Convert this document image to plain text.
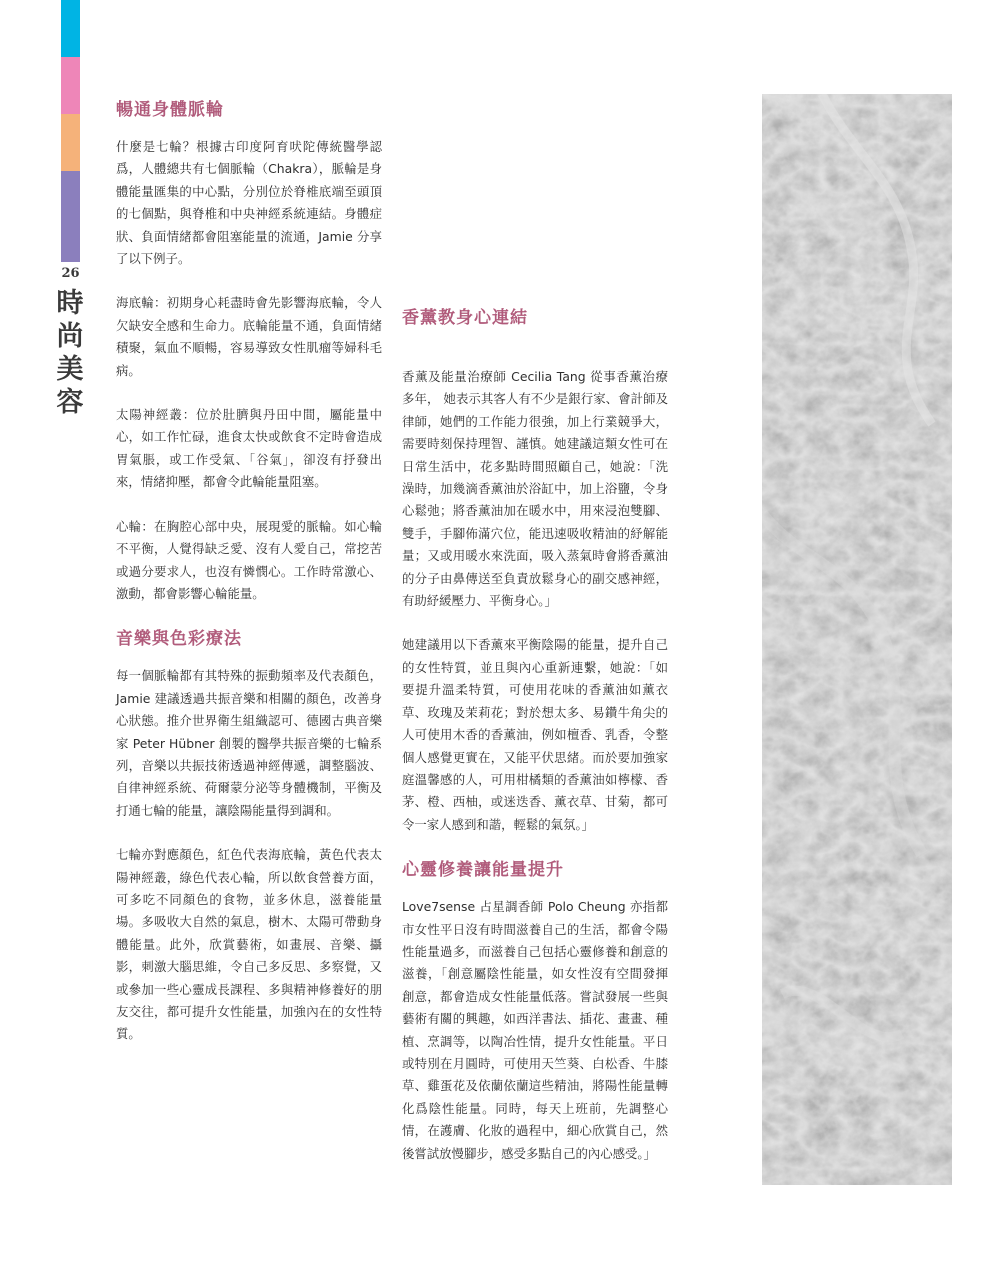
26
時
尚
美
容
暢通身體脈輪

什麼是七輪？根據古印度阿育吠陀傳統醫學認爲，人體總共有七個脈輪（Chakra），脈輪是身體能量匯集的中心點，分別位於脊椎底端至頭頂的七個點，與脊椎和中央神經系統連結。身體症狀、負面情緒都會阻塞能量的流通，Jamie 分享了以下例子。

海底輪：初期身心耗盡時會先影響海底輪，令人欠缺安全感和生命力。底輪能量不通，負面情緒積聚，氣血不順暢，容易導致女性肌瘤等婦科毛病。

太陽神經叢：位於肚臍與丹田中間，屬能量中心，如工作忙碌，進食太快或飲食不定時會造成胃氣脹，或工作受氣、「谷氣」，卻沒有抒發出來，情緒抑壓，都會令此輪能量阻塞。

心輪：在胸腔心部中央，展現愛的脈輪。如心輪不平衡，人覺得缺乏愛、沒有人愛自己，常挖苦或過分要求人，也沒有憐憫心。工作時常激心、激動，都會影響心輪能量。

音樂與色彩療法

每一個脈輪都有其特殊的振動頻率及代表顏色，Jamie 建議透過共振音樂和相關的顏色，改善身心狀態。推介世界衛生組織認可、德國古典音樂家 Peter Hübner 創製的醫學共振音樂的七輪系列，音樂以共振技術透過神經傳遞，調整腦波、自律神經系統、荷爾蒙分泌等身體機制，平衡及打通七輪的能量，讓陰陽能量得到調和。

七輪亦對應顏色，紅色代表海底輪，黃色代表太陽神經叢，綠色代表心輪，所以飲食營養方面，可多吃不同顏色的食物，並多休息，滋養能量場。多吸收大自然的氣息，樹木、太陽可帶動身體能量。此外，欣賞藝術，如畫展、音樂、攝影，刺激大腦思維，令自己多反思、多察覺，又或參加一些心靈成長課程、多與精神修養好的朋友交往，都可提升女性能量，加強內在的女性特質。

香薰教身心連結

香薰及能量治療師 Cecilia Tang 從事香薰治療多年， 她表示其客人有不少是銀行家、會計師及律師，她們的工作能力很強，加上行業競爭大，需要時刻保持理智、謹慎。她建議這類女性可在日常生活中，花多點時間照顧自己，她說：「洗澡時，加幾滴香薰油於浴缸中，加上浴鹽，令身心鬆弛；將香薰油加在暖水中，用來浸泡雙腳、雙手，手腳佈滿穴位，能迅速吸收精油的紓解能量；又或用暖水來洗面，吸入蒸氣時會將香薰油的分子由鼻傳送至負責放鬆身心的副交感神經，有助紓緩壓力、平衡身心。」

她建議用以下香薰來平衡陰陽的能量，提升自己的女性特質，並且與內心重新連繫，她說：「如要提升溫柔特質，可使用花味的香薰油如薰衣草、玫瑰及茉莉花；對於想太多、易鑽牛角尖的人可使用木香的香薰油，例如檀香、乳香，令整個人感覺更實在，又能平伏思緒。而於要加強家庭溫馨感的人，可用柑橘類的香薰油如檸檬、香茅、橙、西柚，或迷迭香、薰衣草、甘菊，都可令一家人感到和諧，輕鬆的氣氛。」

心靈修養讓能量提升

Love7sense 占星調香師 Polo Cheung 亦指都市女性平日沒有時間滋養自己的生活，都會令陽性能量過多，而滋養自己包括心靈修養和創意的滋養，「創意屬陰性能量，如女性沒有空間發揮創意，都會造成女性能量低落。嘗試發展一些與藝術有關的興趣，如西洋書法、插花、畫畫、種植、烹調等，以陶冶性情，提升女性能量。平日或特別在月圓時，可使用天竺葵、白松香、牛膝草、雞蛋花及依蘭依蘭這些精油，將陽性能量轉化爲陰性能量。同時，每天上班前，先調整心情，在護膚、化妝的過程中，細心欣賞自己，然後嘗試放慢腳步，感受多點自己的內心感受。」
